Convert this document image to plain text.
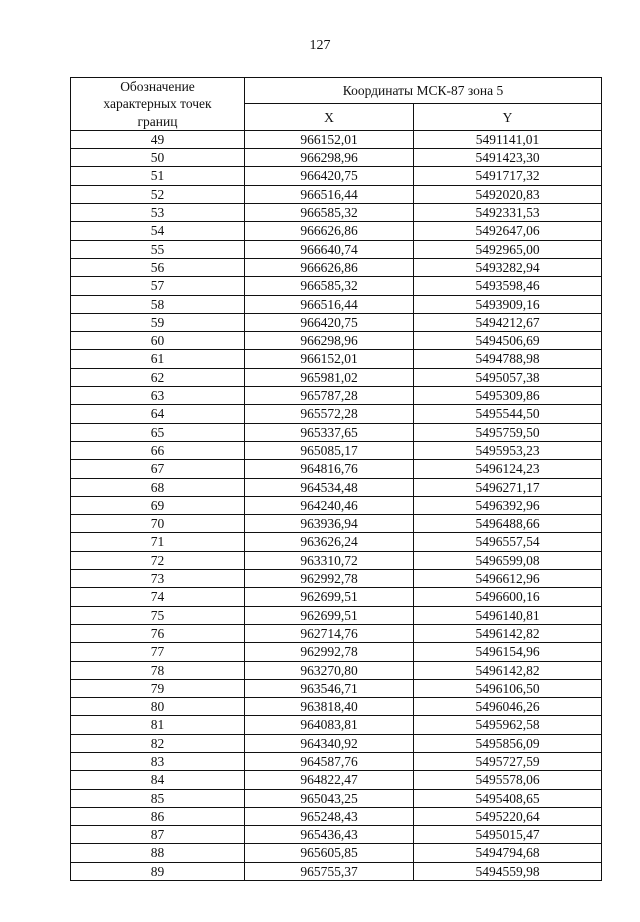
127
Обозначение
характерных точек
границ	Координаты МСК-87 зона 5	
	X	Y
49	966152,01	5491141,01
50	966298,96	5491423,30
51	966420,75	5491717,32
52	966516,44	5492020,83
53	966585,32	5492331,53
54	966626,86	5492647,06
55	966640,74	5492965,00
56	966626,86	5493282,94
57	966585,32	5493598,46
58	966516,44	5493909,16
59	966420,75	5494212,67
60	966298,96	5494506,69
61	966152,01	5494788,98
62	965981,02	5495057,38
63	965787,28	5495309,86
64	965572,28	5495544,50
65	965337,65	5495759,50
66	965085,17	5495953,23
67	964816,76	5496124,23
68	964534,48	5496271,17
69	964240,46	5496392,96
70	963936,94	5496488,66
71	963626,24	5496557,54
72	963310,72	5496599,08
73	962992,78	5496612,96
74	962699,51	5496600,16
75	962699,51	5496140,81
76	962714,76	5496142,82
77	962992,78	5496154,96
78	963270,80	5496142,82
79	963546,71	5496106,50
80	963818,40	5496046,26
81	964083,81	5495962,58
82	964340,92	5495856,09
83	964587,76	5495727,59
84	964822,47	5495578,06
85	965043,25	5495408,65
86	965248,43	5495220,64
87	965436,43	5495015,47
88	965605,85	5494794,68
89	965755,37	5494559,98
